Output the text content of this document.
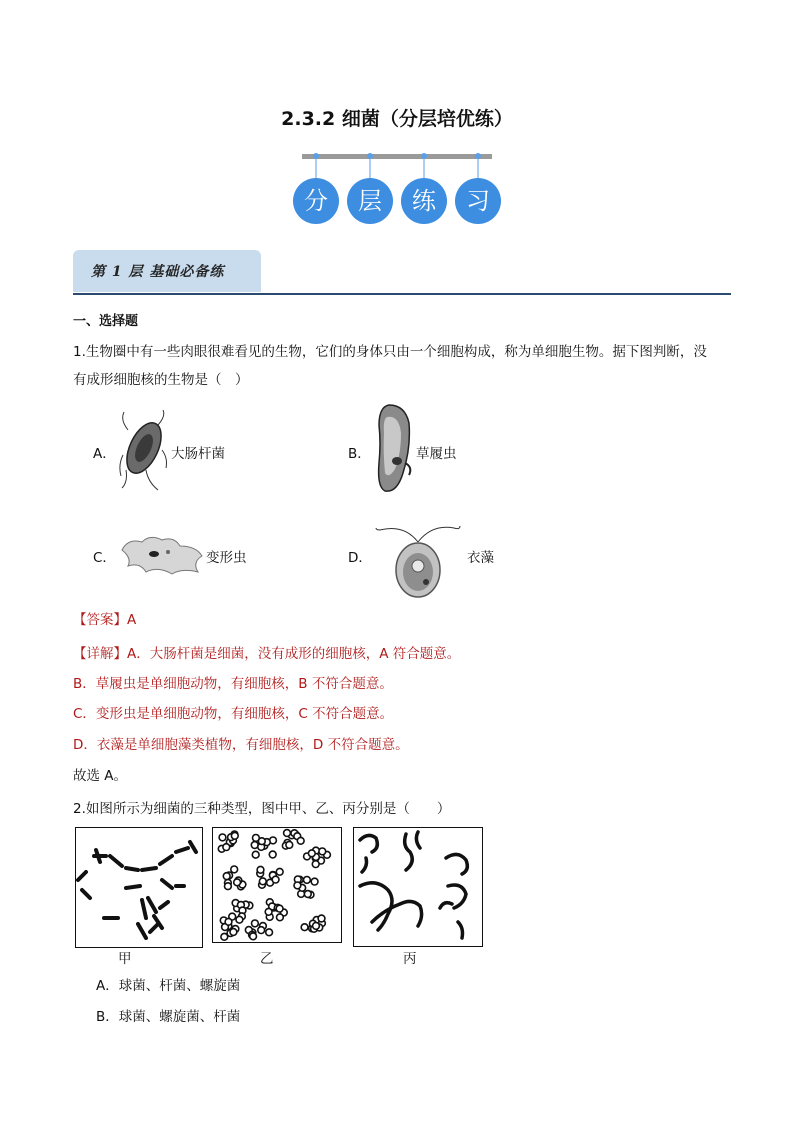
2.3.2 细菌（分层培优练）
分	层	练	习
第 1 层 基础必备练
一、选择题
1.生物圈中有一些肉眼很难看见的生物，它们的身体只由一个细胞构成，称为单细胞生物。据下图判断，没
有成形细胞核的生物是（　）
A．	大肠杆菌	B．	草履虫
C．	变形虫	D．	衣藻
【答案】A
【详解】A．大肠杆菌是细菌，没有成形的细胞核，A 符合题意。
B．草履虫是单细胞动物，有细胞核，B 不符合题意。
C．变形虫是单细胞动物，有细胞核，C 不符合题意。
D．衣藻是单细胞藻类植物，有细胞核，D 不符合题意。
故选 A。
2.如图所示为细菌的三种类型，图中甲、乙、丙分别是（　　）
甲	乙	丙
A．球菌、杆菌、螺旋菌
B．球菌、螺旋菌、杆菌
